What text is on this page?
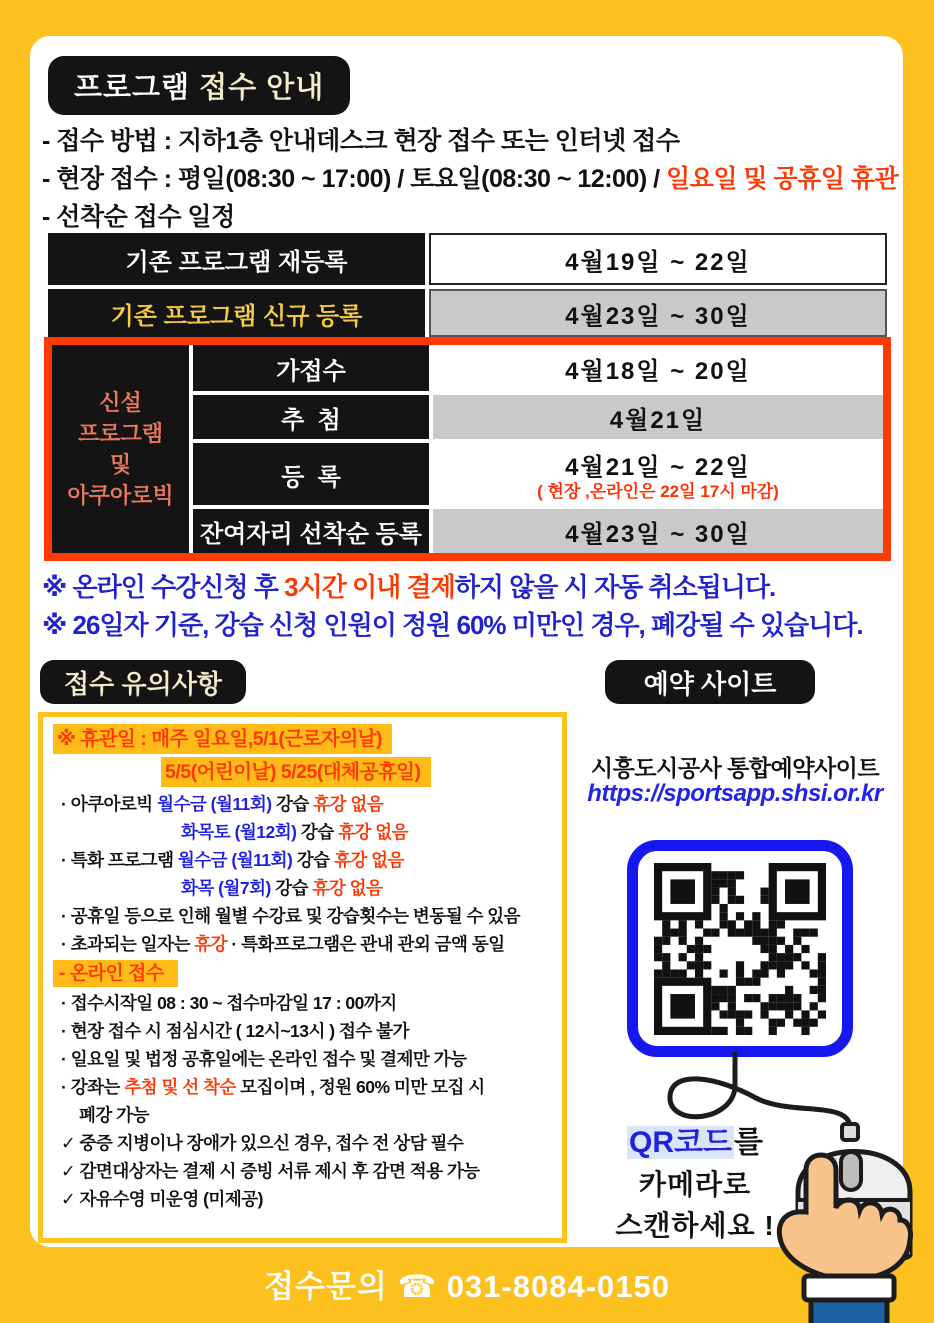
프로그램 접수 안내
- 접수 방법 : 지하1층 안내데스크 현장 접수 또는 인터넷 접수
- 현장 접수 : 평일(08:30 ~ 17:00) / 토요일(08:30 ~ 12:00) / 일요일 및 공휴일 휴관
- 선착순 접수 일정
기존 프로그램 재등록	4월19일 ~ 22일
기존 프로그램 신규 등록	4월23일 ~ 30일
신설
프로그램
및
아쿠아로빅
가접수	4월18일 ~ 20일
추  첨	4월21일
등  록	4월21일 ~ 22일
( 현장 ,온라인은 22일 17시 마감)
잔여자리 선착순 등록	4월23일 ~ 30일
※ 온라인 수강신청 후 3시간 이내 결제하지 않을 시 자동 취소됩니다.
※ 26일자 기준, 강습 신청 인원이 정원 60% 미만인 경우, 폐강될 수 있습니다.
접수 유의사항	예약 사이트
※ 휴관일 : 매주 일요일,5/1(근로자의날)
5/5(어린이날) 5/25(대체공휴일)
· 아쿠아로빅 월수금 (월11회) 강습 휴강 없음
화목토 (월12회) 강습 휴강 없음
· 특화 프로그램 월수금 (월11회) 강습 휴강 없음
화목 (월7회) 강습 휴강 없음
· 공휴일 등으로 인해 월별 수강료 및 강습횟수는 변동될 수 있음
· 초과되는 일자는 휴강 · 특화프로그램은 관내 관외 금액 동일
- 온라인 접수
· 접수시작일 08 : 30 ~ 접수마감일 17 : 00까지
· 현장 접수 시 점심시간 ( 12시~13시 ) 접수 불가
· 일요일 및 법정 공휴일에는 온라인 접수 및 결제만 가능
· 강좌는 추첨 및 선 착순 모집이며 , 정원 60% 미만 모집 시
폐강 가능
✓ 중증 지병이나 장애가 있으신 경우, 접수 전 상담 필수
✓ 감면대상자는 결제 시 증빙 서류 제시 후 감면 적용 가능
✓ 자유수영 미운영 (미제공)
시흥도시공사 통합예약사이트
https://sportsapp.shsi.or.kr
QR코드를
카메라로
스캔하세요 !
접수문의 ☎ 031-8084-0150
